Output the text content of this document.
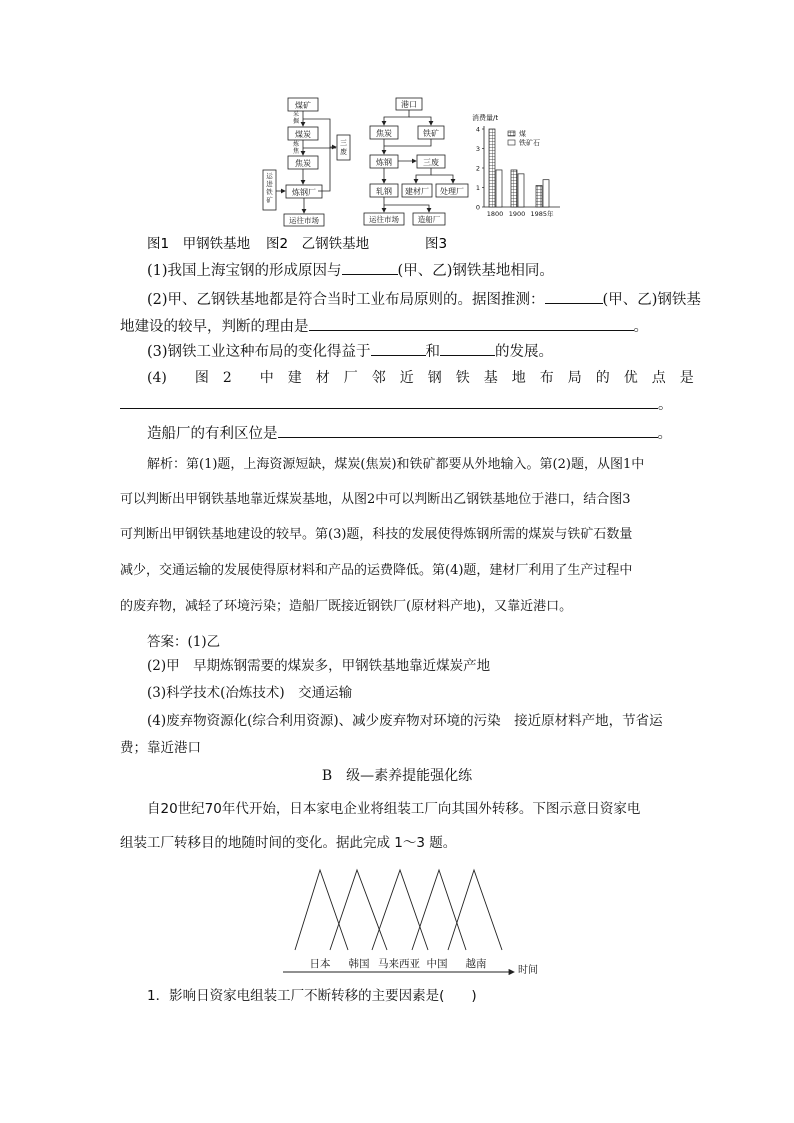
煤矿
采
掘
煤炭
炼
焦
焦炭
炼钢厂
运往市场
运进铁矿
三废
港口
焦炭	铁矿
炼钢	三废
轧钢 建材厂 处理厂
运往市场	造船厂
消费量/t
4
3
2
1
0
1800 1900 1985年
煤
铁矿石
图1　甲钢铁基地 图2　乙钢铁基地	图3
(1)我国上海宝钢的形成原因与	(甲、乙)钢铁基地相同。
(2)甲、乙钢铁基地都是符合当时工业布局原则的。据图推测：	(甲、乙)钢铁基
地建设的较早，判断的理由是	。
(3)钢铁工业这种布局的变化得益于	和	的发展。
(4)　　图　2　　中　建　材　厂　邻　近　钢　铁　基　地　布　局　的　优　点　是
。
造船厂的有利区位是	。
解析：第(1)题，上海资源短缺，煤炭(焦炭)和铁矿都要从外地输入。第(2)题，从图1中
可以判断出甲钢铁基地靠近煤炭基地，从图2中可以判断出乙钢铁基地位于港口，结合图3
可判断出甲钢铁基地建设的较早。第(3)题，科技的发展使得炼钢所需的煤炭与铁矿石数量
减少，交通运输的发展使得原材料和产品的运费降低。第(4)题，建材厂利用了生产过程中
的废弃物，减轻了环境污染；造船厂既接近钢铁厂(原材料产地)，又靠近港口。
答案：(1)乙
(2)甲　早期炼钢需要的煤炭多，甲钢铁基地靠近煤炭产地
(3)科学技术(冶炼技术)　交通运输
(4)废弃物资源化(综合利用资源)、减少废弃物对环境的污染　接近原材料产地，节省运
费；靠近港口
B　级—素养提能强化练
自20世纪70年代开始，日本家电企业将组装工厂向其国外转移。下图示意日资家电
组装工厂转移目的地随时间的变化。据此完成 1～3 题。
日本 韩国 马来西亚 中国 越南
时间
1．影响日资家电组装工厂不断转移的主要因素是(　　)
